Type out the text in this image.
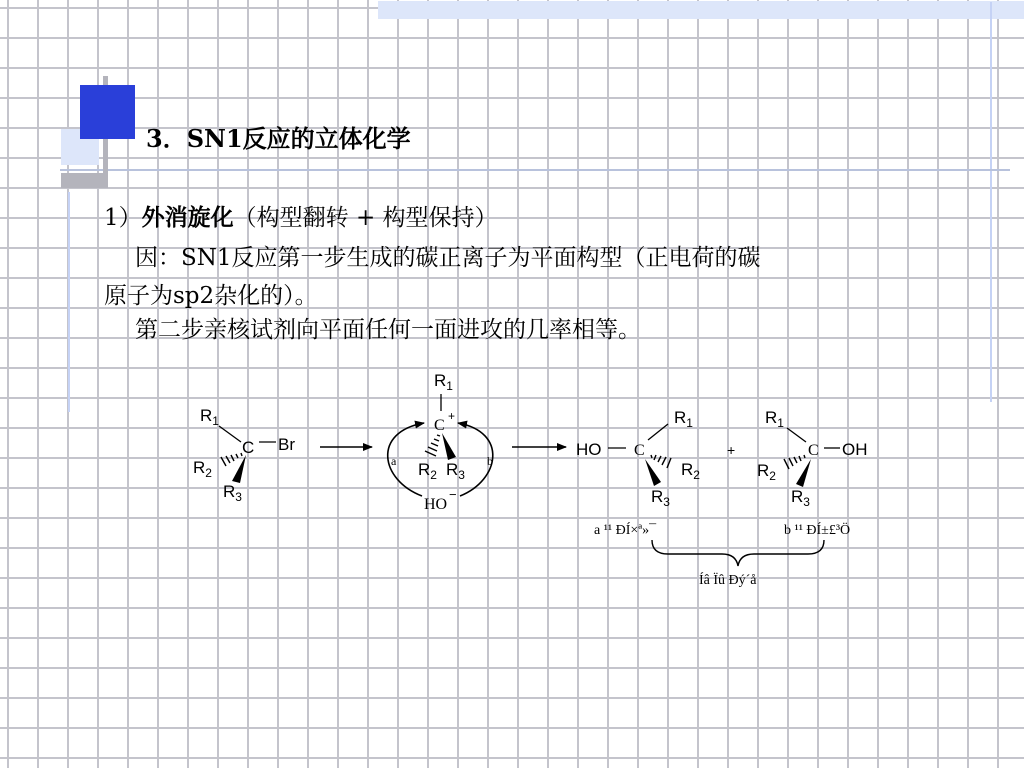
3．SN1反应的立体化学

1）外消旋化（构型翻转 + 构型保持）

因：SN1反应第一步生成的碳正离子为平面构型（正电荷的碳

原子为sp2杂化的）。

第二步亲核试剂向平面任何一面进攻的几率相等。

$R_1$
C Br
$R_2$
$R_3$
$R_1$
C
+
$R_2$ $R_3$
a	b
HO
−
HO C
$R_1$
$R_2$
$R_3$
+
$R_1$
C OH
$R_2$
$R_3$
a ¹¹ ÐÍ×ª»¯	b ¹¹ ÐÍ±£³Ö
Íâ Ïû Ðý´å
